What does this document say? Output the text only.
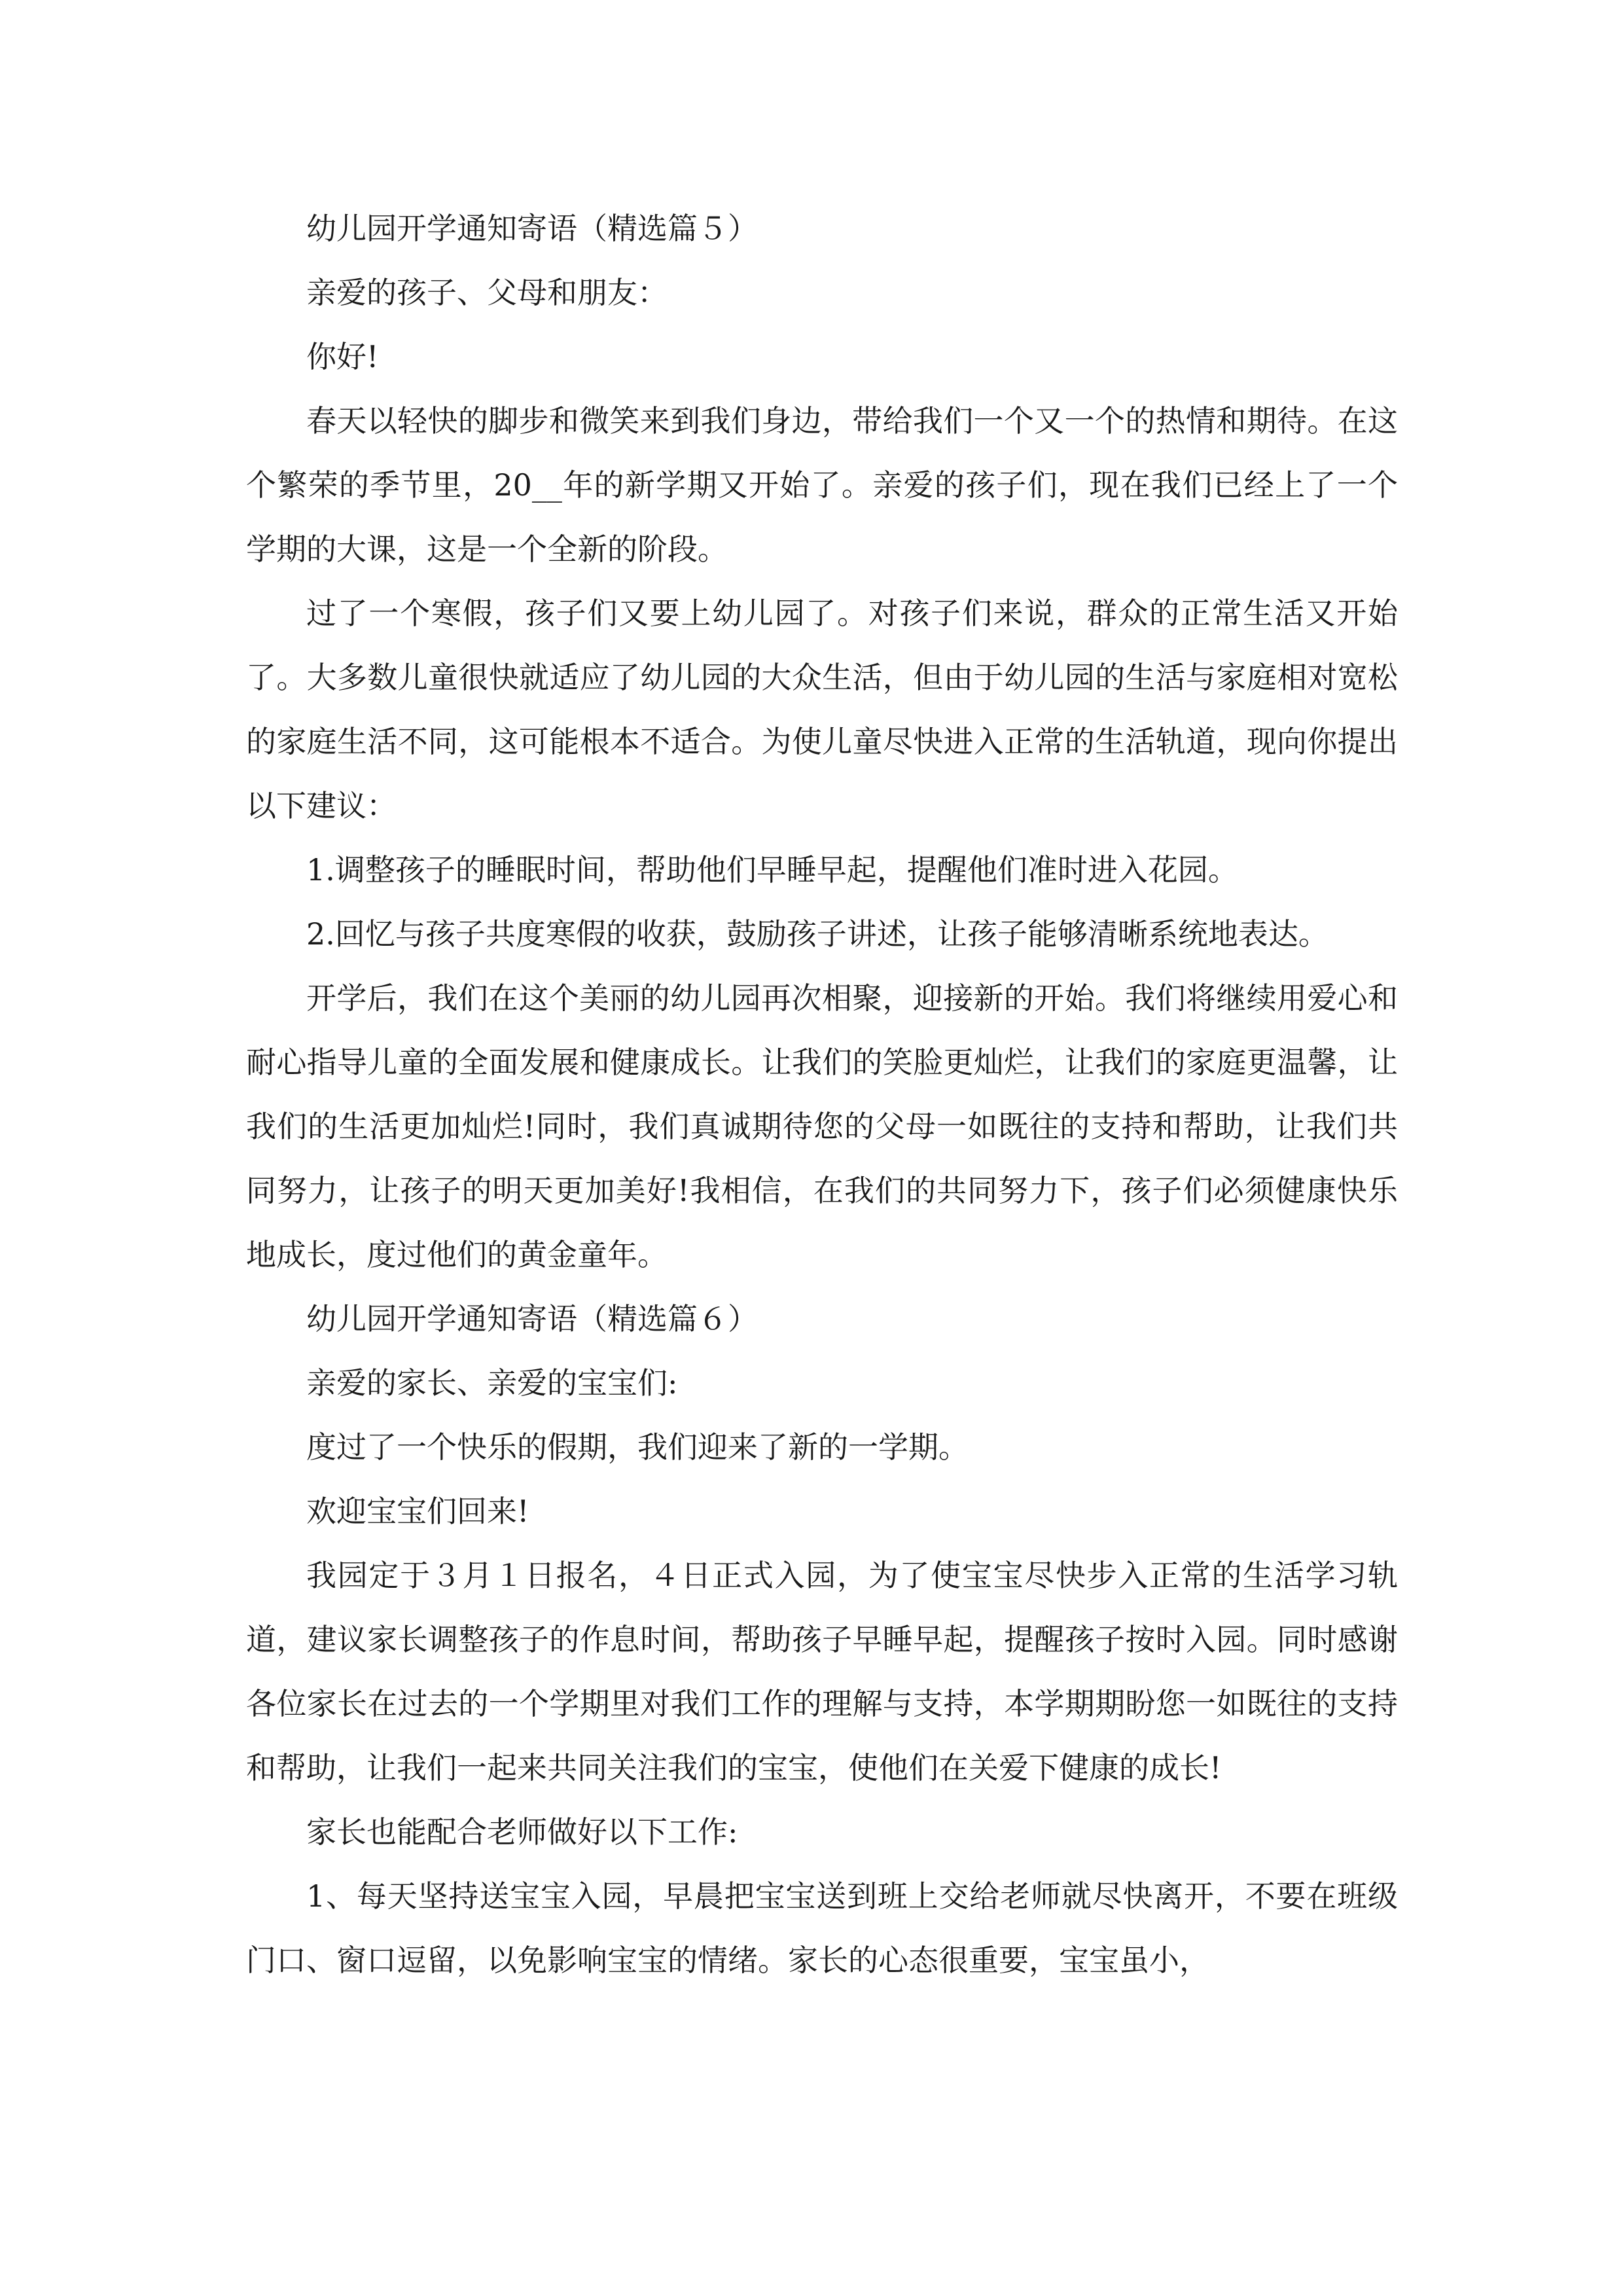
幼儿园开学通知寄语（精选篇５）

亲爱的孩子、父母和朋友：

你好!

春天以轻快的脚步和微笑来到我们身边，带给我们一个又一个的热情和期待。在这个繁荣的季节里，20__年的新学期又开始了。亲爱的孩子们，现在我们已经上了一个学期的大课，这是一个全新的阶段。

过了一个寒假，孩子们又要上幼儿园了。对孩子们来说，群众的正常生活又开始了。大多数儿童很快就适应了幼儿园的大众生活，但由于幼儿园的生活与家庭相对宽松的家庭生活不同，这可能根本不适合。为使儿童尽快进入正常的生活轨道，现向你提出以下建议：

1.调整孩子的睡眠时间，帮助他们早睡早起，提醒他们准时进入花园。

2.回忆与孩子共度寒假的收获，鼓励孩子讲述，让孩子能够清晰系统地表达。

开学后，我们在这个美丽的幼儿园再次相聚，迎接新的开始。我们将继续用爱心和耐心指导儿童的全面发展和健康成长。让我们的笑脸更灿烂，让我们的家庭更温馨，让我们的生活更加灿烂!同时，我们真诚期待您的父母一如既往的支持和帮助，让我们共同努力，让孩子的明天更加美好!我相信，在我们的共同努力下，孩子们必须健康快乐地成长，度过他们的黄金童年。

幼儿园开学通知寄语（精选篇６）

亲爱的家长、亲爱的宝宝们:

度过了一个快乐的假期，我们迎来了新的一学期。

欢迎宝宝们回来!

我园定于３月１日报名，４日正式入园，为了使宝宝尽快步入正常的生活学习轨道，建议家长调整孩子的作息时间，帮助孩子早睡早起，提醒孩子按时入园。同时感谢各位家长在过去的一个学期里对我们工作的理解与支持，本学期期盼您一如既往的支持和帮助，让我们一起来共同关注我们的宝宝，使他们在关爱下健康的成长!

家长也能配合老师做好以下工作:

1、每天坚持送宝宝入园，早晨把宝宝送到班上交给老师就尽快离开，不要在班级门口、窗口逗留，以免影响宝宝的情绪。家长的心态很重要，宝宝虽小，
